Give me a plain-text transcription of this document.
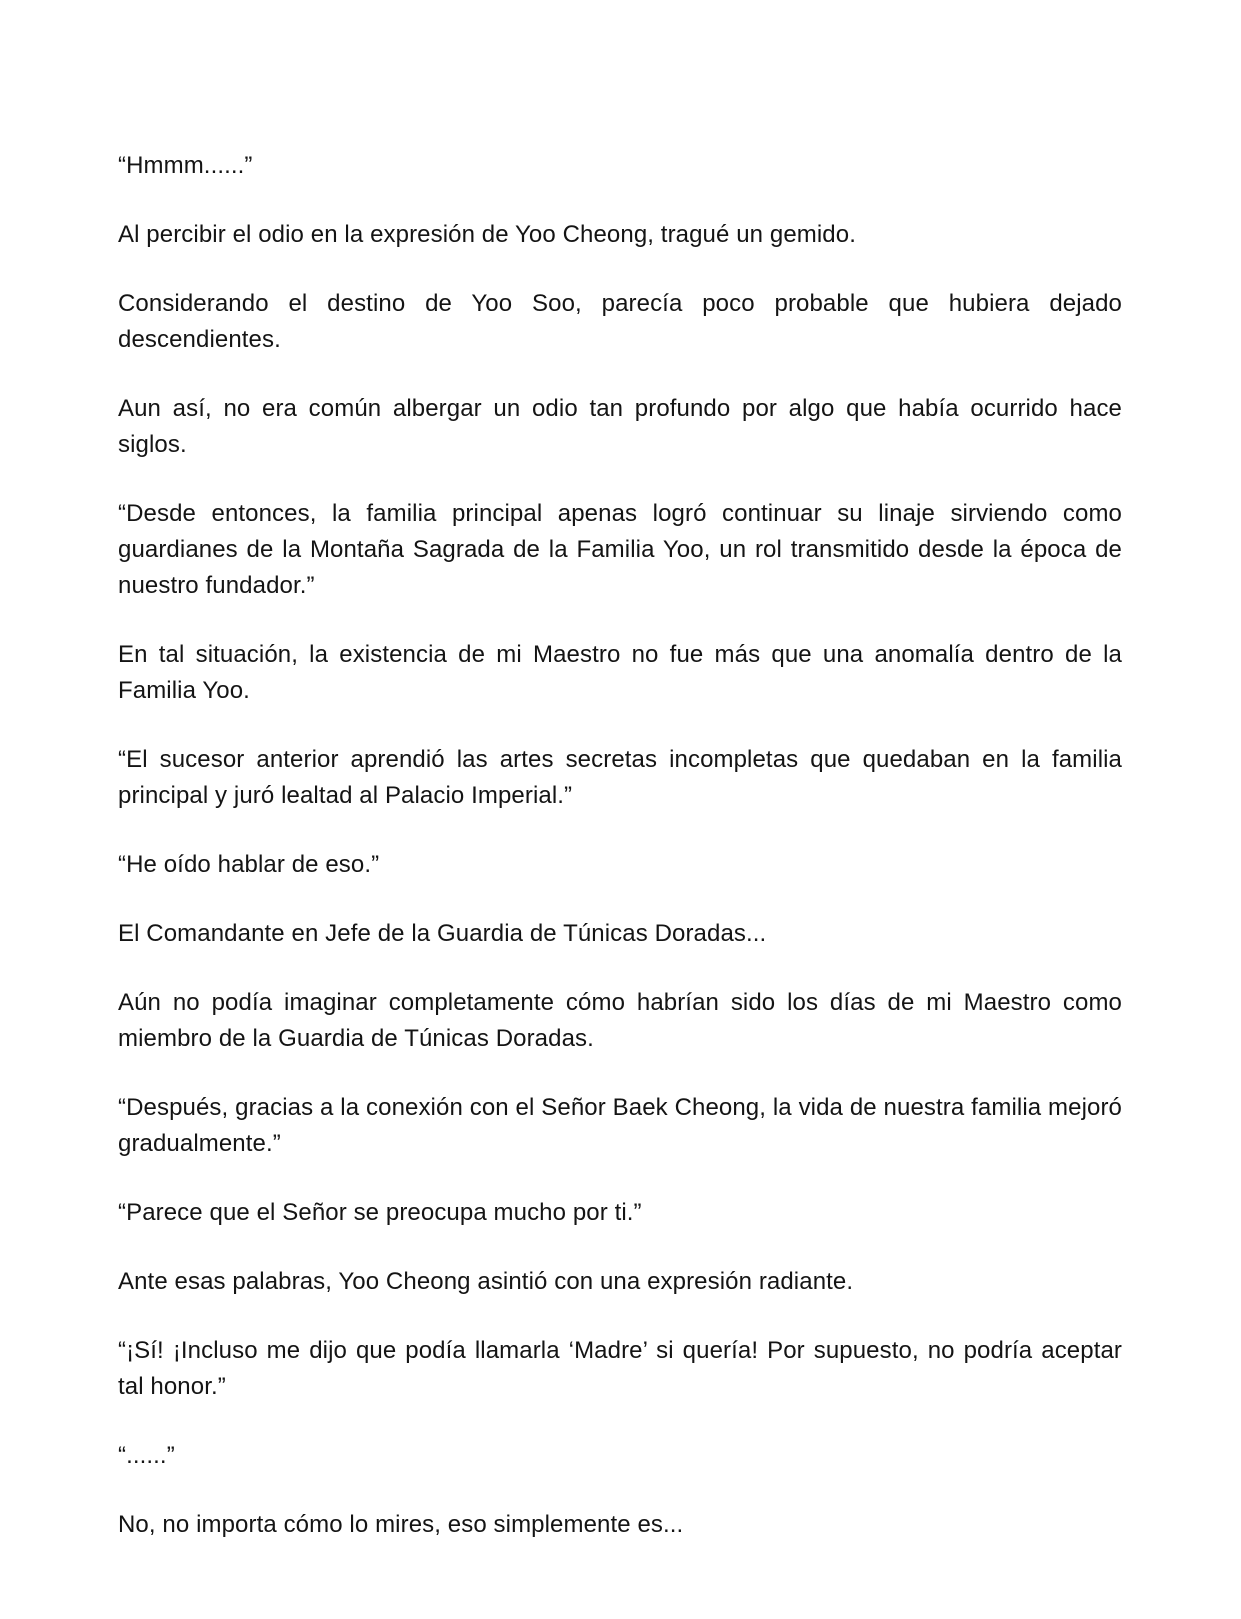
“Hmmm......”

Al percibir el odio en la expresión de Yoo Cheong, tragué un gemido.

Considerando el destino de Yoo Soo, parecía poco probable que hubiera dejado descendientes.

Aun así, no era común albergar un odio tan profundo por algo que había ocurrido hace siglos.

“Desde entonces, la familia principal apenas logró continuar su linaje sirviendo como guardianes de la Montaña Sagrada de la Familia Yoo, un rol transmitido desde la época de nuestro fundador.”

En tal situación, la existencia de mi Maestro no fue más que una anomalía dentro de la Familia Yoo.

“El sucesor anterior aprendió las artes secretas incompletas que quedaban en la familia principal y juró lealtad al Palacio Imperial.”

“He oído hablar de eso.”

El Comandante en Jefe de la Guardia de Túnicas Doradas...

Aún no podía imaginar completamente cómo habrían sido los días de mi Maestro como miembro de la Guardia de Túnicas Doradas.

“Después, gracias a la conexión con el Señor Baek Cheong, la vida de nuestra familia mejoró gradualmente.”

“Parece que el Señor se preocupa mucho por ti.”

Ante esas palabras, Yoo Cheong asintió con una expresión radiante.

“¡Sí! ¡Incluso me dijo que podía llamarla ‘Madre’ si quería! Por supuesto, no podría aceptar tal honor.”

“......”

No, no importa cómo lo mires, eso simplemente es...
